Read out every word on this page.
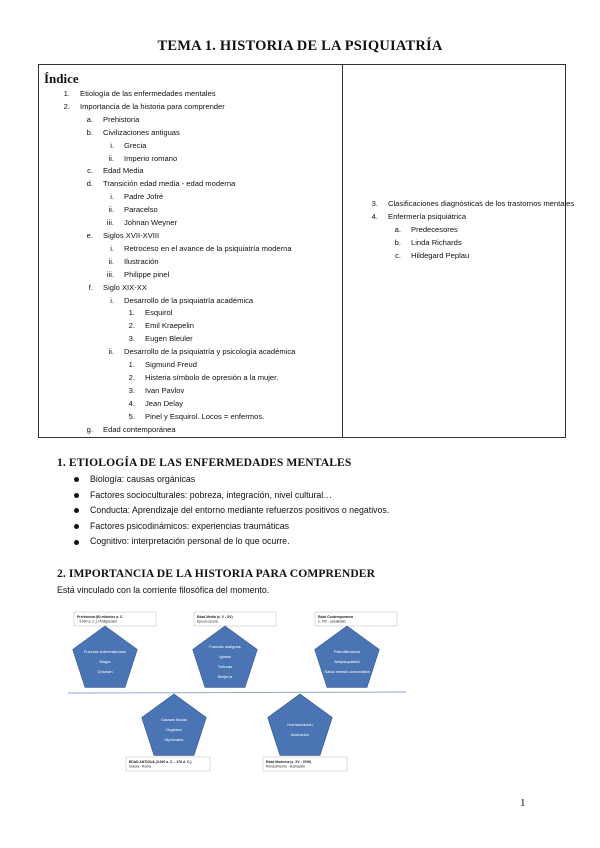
TEMA 1. HISTORIA DE LA PSIQUIATRÍA
Índice
1.	Etiología de las enfermedades mentales
2.	Importancia de la historia para comprender
a.	Prehistoria
b.	Civilizaciones antiguas
i.	Grecia
ii.	Imperio romano
c.	Edad Media
d.	Transición edad media - edad moderna
i.	Padre Jofré
ii.	Paracelso
iii.	Johnan Weyner
e.	Siglos XVII-XVIII
i.	Retroceso en el avance de la psiquiatría moderna
ii.	Ilustración
iii.	Philippe pinel
f.	Siglo XIX-XX
i.	Desarrollo de la psiquiatría académica
1.	Esquirol
2.	Emil Kraepelin
3.	Eugen Bleuler
ii.	Desarrollo de la psiquiatría y psicología académica
1.	Sigmund Freud
2.	Histeria símbolo de opresión a la mujer.
3.	Ivan Pavlov
4.	Jean Delay
5.	Pinel y Esquirol. Locos = enfermos.
g.	Edad contemporánea
3.	Clasificaciones diagnósticas de los trastornos mentales
4.	Enfermería psiquiátrica
a.	Predecesores
b.	Linda Richards
c.	Hildegard Peplau
1. ETIOLOGÍA DE LAS ENFERMEDADES MENTALES
Biología: causas orgánicas
Factores socioculturales: pobreza, integración, nivel cultural…
Conducta: Aprendizaje del entorno mediante refuerzos positivos o negativos.
Factores psicodinámicos: experiencias traumáticas
Cognitivo: interpretación personal de lo que ocurre.
2. IMPORTANCIA DE LA HISTORIA PARA COMPRENDER
Está vinculado con la corriente filosófica del momento.
Prehistoria (60 milenios a. C.
- 3.000 a. C.) / Antigüedad
Edad Media (s. V - XV)
Época oscura
Edad Contemporánea
s. XIX - actualidad
Fuerzas sobrenaturales
Magia
Chamán
Fuerzas malignas
Iglesia
Torturas
Brujería
Psicofármacos
Antipsiquiatría
Salud mental comunitaria
Causas físicas
Orgánico
Hipócrates
Humanización
Ilustración
EDAD ANTIGUA (3.000 a. C. - 476 d. C.)
Grecia · Roma
Edad Moderna (s. XV - XVIII)
Renacimiento · Ilustración
1
